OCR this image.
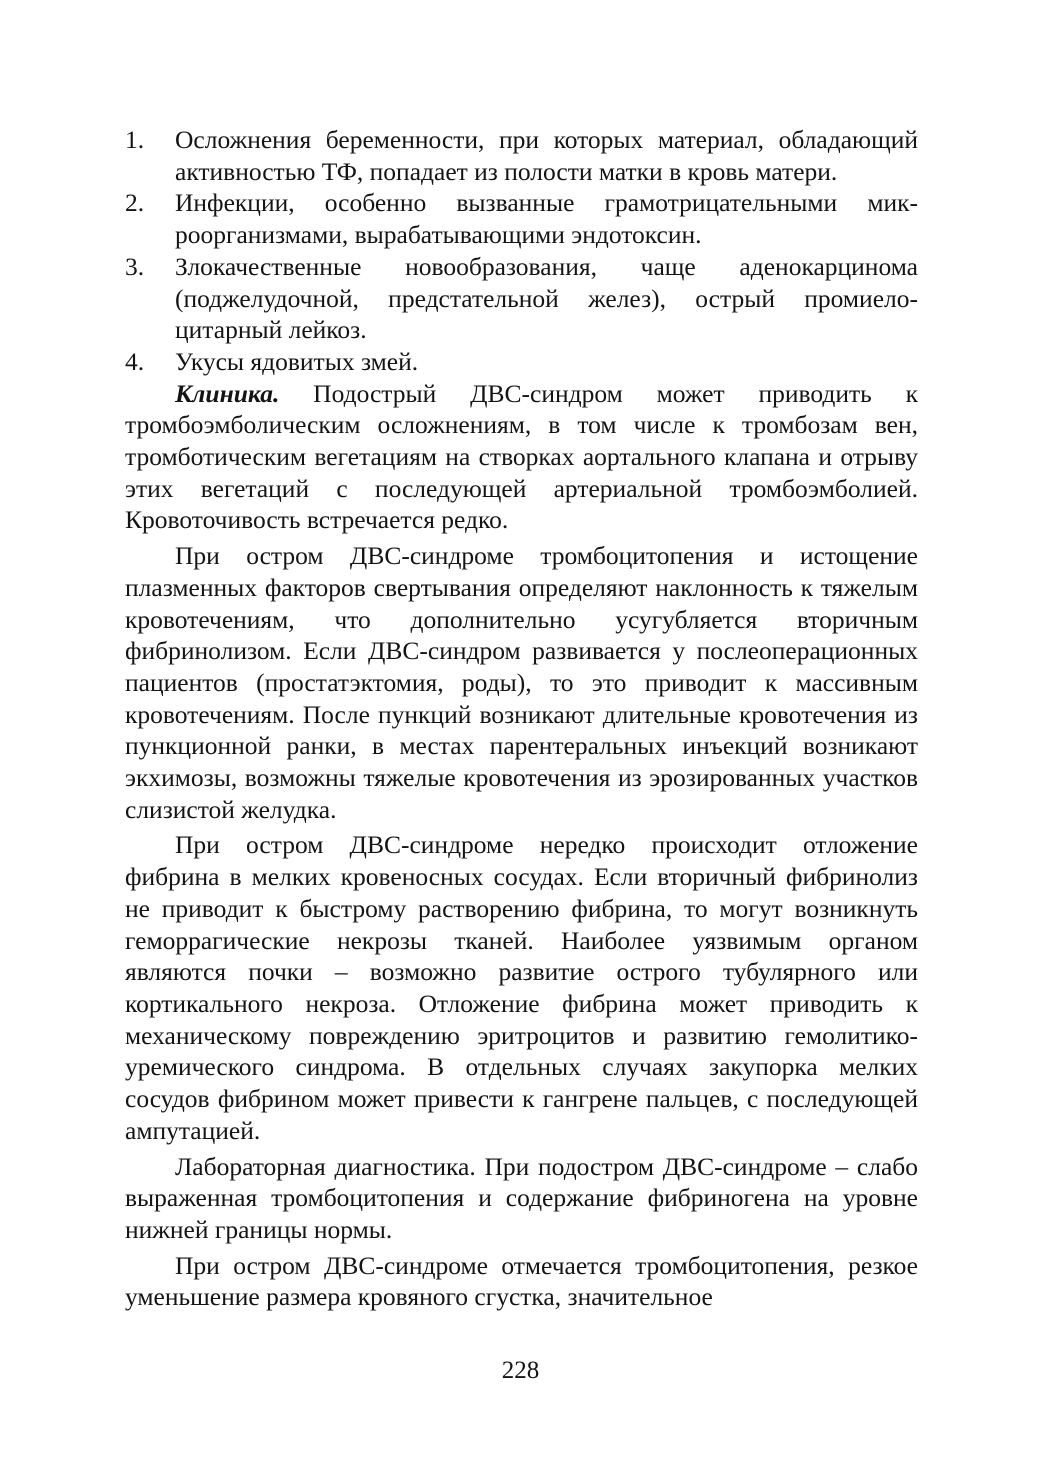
1. Осложнения беременности, при которых материал, обладающий активностью ТФ, попадает из полости матки в кровь матери.
2. Инфекции, особенно вызванные грамотрицательными микроорганизмами, вырабатывающими эндотоксин.
3. Злокачественные новообразования, чаще аденокарцинома (поджелудочной, предстательной желез), острый промиелоцитарный лейкоз.
4. Укусы ядовитых змей.

Клиника. Подострый ДВС-синдром может приводить к тромбоэмболическим осложнениям, в том числе к тромбозам вен, тромботическим вегетациям на створках аортального клапана и отрыву этих вегетаций с последующей артериальной тромбоэмболией. Кровоточивость встречается редко.

При остром ДВС-синдроме тромбоцитопения и истощение плазменных факторов свертывания определяют наклонность к тяжелым кровотечениям, что дополнительно усугубляется вторичным фибринолизом. Если ДВС-синдром развивается у послеоперационных пациентов (простатэктомия, роды), то это приводит к массивным кровотечениям. После пункций возникают длительные кровотечения из пункционной ранки, в местах парентеральных инъекций возникают экхимозы, возможны тяжелые кровотечения из эрозированных участков слизистой желудка.

При остром ДВС-синдроме нередко происходит отложение фибрина в мелких кровеносных сосудах. Если вторичный фибринолиз не приводит к быстрому растворению фибрина, то могут возникнуть геморрагические некрозы тканей. Наиболее уязвимым органом являются почки – возможно развитие острого тубулярного или кортикального некроза. Отложение фибрина может приводить к механическому повреждению эритроцитов и развитию гемолитико-уремического синдрома. В отдельных случаях закупорка мелких сосудов фибрином может привести к гангрене пальцев, с последующей ампутацией.

Лабораторная диагностика. При подостром ДВС-синдроме – слабо выраженная тромбоцитопения и содержание фибриногена на уровне нижней границы нормы.

При остром ДВС-синдроме отмечается тромбоцитопения, резкое уменьшение размера кровяного сгустка, значительное

228
